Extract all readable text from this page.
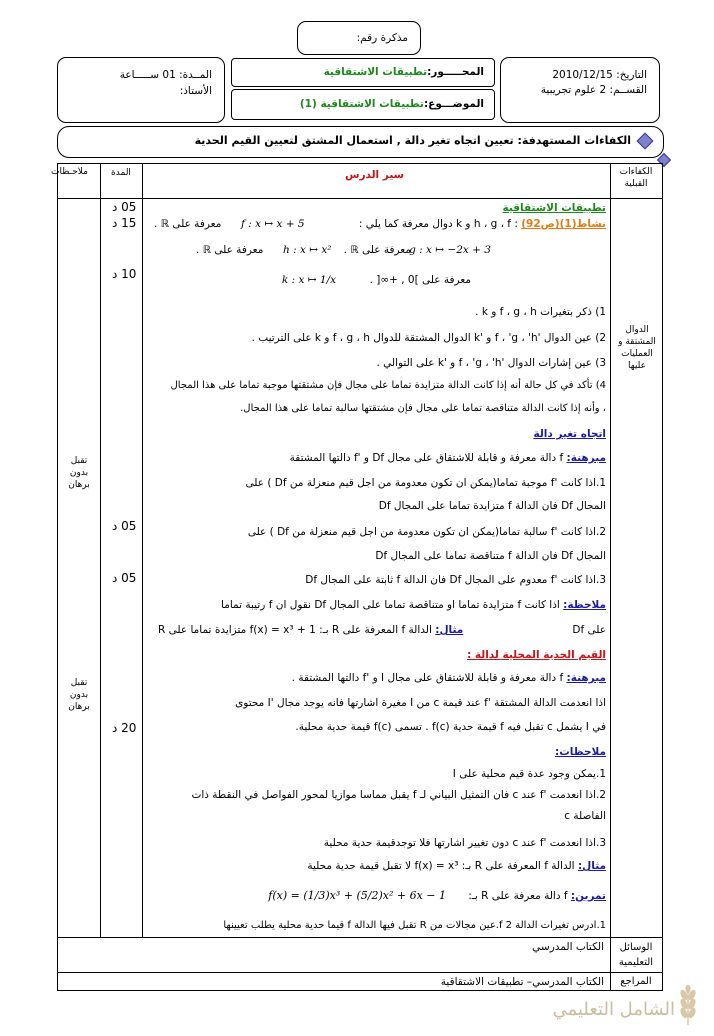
مذكرة رقم:
المــدة: 01 ســـــاعة
الأستاذ:
المحـــــور:تطبيقات الاشتقاقية
الموضـــوع:تطبيقات الاشتقاقية (1)
التاريخ: 2010/12/15
القســم: 2 علوم تجريبية
الكفاءات المستهدفة: تعيين اتجاه تغير دالة , استعمال المشتق لتعيين القيم الحدية
الكفاءات القبلية
سير الدرس
المدة
ملاحـظات
الدوال المشتقة و العمليات عليها
تقبل بدون برهان
تقبل بدون برهان
05 د
15 د
10 د
05 د
05 د
20 د
تطبيقات الاشتقاقية
نشاط(1)(ص92) : h ، g ، f و k دوال معرفة كما يلي :
معرفة على ℝ . f : x ↦ x + 5
معرفة على ℝ .
g : x ↦ −2x + 3
معرفة على ℝ . h : x ↦ x²
معرفة على ]0 , +∞[ .
k : x ↦ 1/x
1) ذكر بتغيرات f ، g ، h و k .
2) عين الدوال 'f ، 'g ، 'h و 'k الدوال المشتقة للدوال f ، g ، h و k على الترتيب .
3) عين إشارات الدوال 'f ، 'g ، 'h و 'k على التوالي .
4) تأكد في كل حالة أنه إذا كانت الدالة متزايدة تماما على مجال فإن مشتقتها موجبة تماما على هذا المجال
، وأنه إذا كانت الدالة متناقصة تماما على مجال فإن مشتقتها سالبة تماما على هذا المجال.
اتجاه تغير دالة
مبرهنة: f دالة معرفة و قابلة للاشتقاق على مجال Df و 'f دالتها المشتقة
1.اذا كانت 'f موجبة تماما(يمكن ان تكون معدومة من اجل قيم منعزلة من Df ) على
المجال Df فان الدالة f متزايدة تماما على المجال Df
2.اذا كانت 'f سالبة تماما(يمكن ان تكون معدومة من اجل قيم منعزلة من Df ) على
المجال Df فان الدالة f متناقصة تماما على المجال Df
3.اذا كانت 'f معدوم على المجال Df فان الدالة f ثابتة على المجال Df
ملاحظة: اذا كانت f متزايدة تماما او متناقصة تماما على المجال Df نقول ان f رتيبة تماما
على Df
مثال: الدالة f المعرفة على R بـ: f(x) = x³ + 1 متزايدة تماما على R
القيم الحدية المحلية لدالة :
مبرهنة: f دالة معرفة و قابلة للاشتقاق على مجال I و 'f دالتها المشتقة .
اذا انعدمت الدالة المشتقة 'f عند قيمة c من I مغيرة اشارتها فانه يوجد مجال 'I محتوى
في I يشمل c تقبل فيه f قيمة حدية f(c) . تسمى f(c) قيمة حدية محلية.
ملاحظات:
1.يمكن وجود عدة قيم محلية على I
2.اذا انعدمت 'f عند c فان التمثيل البياني لـ f يقبل مماسا موازيا لمحور الفواصل في النقطة ذات
الفاصلة c
3.اذا انعدمت 'f عند c دون تغيير اشارتها فلا توجدقيمة حدية محلية
مثال: الدالة f المعرفة على R بـ: f(x) = x³ لا تقبل قيمة حدية محلية
تمرين: f دالة معرفة على R بـ:
f(x) = (1/3)x³ + (5/2)x² + 6x − 1
1.ادرس تغيرات الدالة f 2.عين مجالات من R تقبل فيها الدالة f قيما حدية محلية يطلب تعيينها
الوسائل التعليمية
الكتاب المدرسي
المراجع
الكتاب المدرسي– تطبيقات الاشتقاقية
الشامل التعليمي
